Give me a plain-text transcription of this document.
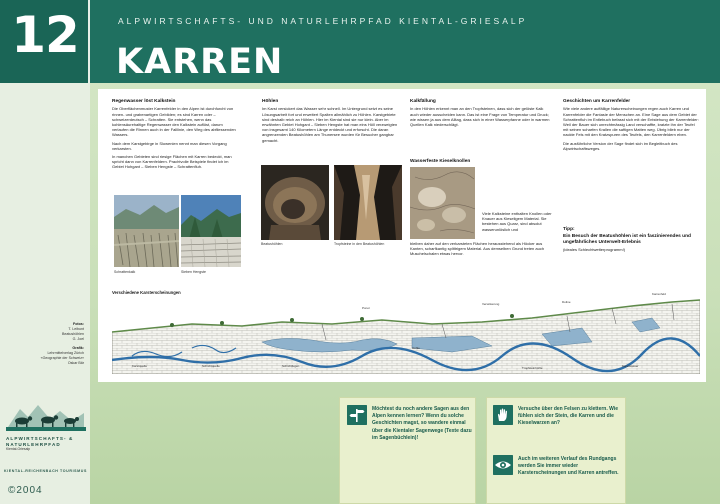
12	ALPWIRTSCHAFTS- UND NATURLEHRPFAD KIENTAL-GRIESALP
KARREN
Fotos:
T. Leibunt
Beatushöhlen
G. Joel
Grafik:
Lehrmittelverlag Zürich
«Geographie der Schweiz»
Oskar Bär
ALPWIRTSCHAFTS- &
NATURLEHRPFAD
Kiental-Griesalp
KIENTAL-REICHENBACH TOURISMUS
©2004
Regenwasser löst Kalkstein

Die Oberflächenmuster Karrenfelder in den Alpen ist durchfurcht von rinnen- und grabenartigen Gebilden; es sind Karren oder – schweizerdeutsch – Schratten. Sie entstehen, wenn das kohlensäurehaltige Regenwasser den Kalkstein auflöst, darum verlaufen die Rinnen auch in der Falllinie, den Weg des abfliessenden Wassers.

Nach dem Karstgebirge in Slowenien nennt man diesen Vorgang verkarsten.

In manchen Gebieten sind riesige Flächen mit Karren bedeckt, man spricht dann von Karrenfeldern. Prachtvolle Beispiele findet ich im Gebiet Hohgant – Sieben Hengste – Schrattenfluh.

Schrattenkalk	Sieben Hengste
Höhlen

Im Karst versickert das Wasser sehr schnell. Im Untergrund setzt es seine Lösungsarbeit fort und erweitert Spalten allmählich zu Höhlen. Karstgebiete sind deshalb reich an Höhlen. Hier im Kiental sind sie nur klein. Aber im erwähnten Gebiet Hohgant – Sieben Hengste hat man eins Höll verzweigten von insgesamt 140 Kilometern Länge entdeckt und erforscht. Die daran angrenzenden Beatushöhlen am Thunersee wurden für Besucher gangbar gemacht.

Beatushöhlen	Tropfsteine in den Beatushöhlen
Kalkfällung

In den Höhlen erkennt man an den Tropfsteinen, dass sich der gelöste Kalk auch wieder ausscheiden kann. Das ist eine Frage von Temperatur und Druck; wie wissen ja aus dem Alltag, dass sich in einer Wasserpfanne oder in warmen Quellen Kalk niederschlägt.

Wasserfeste Kieselknollen

Viele Kalksteine enthalten Knollen oder Knauer aus Kieseligem Material. Sie bestehen aus Quarz, sind absolut wasserunlöslich und

bleiben daher auf den verkarsteten Flächen herausstehend als Höcker aus Kanten, scharfkantig splittrigem Material. Aus demselben Grund treten auch Muschelschalen etwas hervor.

Geschichten um Karrenfelder

Wie viele andere auffällige Naturerscheinungen regen auch Karren und Karrenfelder die Fantasie der Menschen an. Eine Sage aus dem Gebiet der Schrattenfluh im Entlebuch befasst sich mit der Entstehung der Karrenfelder: Weil der Bauer sich unrechtmässig Land verschaffte, kratzte ihn der Teufel mit seinen scharfen Krallen die saftigen Matten weg. Übrig blieb nur der nackte Fels mit den Kratzspuren des Teufels, den Karrenfeldern eben.

Die ausführliche Version der Sage findet sich im Begleitbuch des Alpwirtschaftsweges.

Tipp:
Ein Besuch der Beatushöhlen ist ein faszinierendes und ungefährliches Unterwelt-Erlebnis

(ideales Schlechtwetterprogramm!)

Verschiedene Karsterscheinungen	Karrenfeld
Doline
Höhle
Schichtquelle
Versickerung
Tropfsteinhöhle
Ponor
Schichtfugen
Karstquelle	Karstwasser
Möchtest du noch andere Sagen aus den Alpen kennen lernen? Wenn du solche Geschichten magst, so wandere einmal über die Kientaler Sagenwege (Texte dazu im Sagenbüchlein)!
Versuche über den Felsen zu klettern. Wie fühlen sich der Stein, die Karren und die Kieselwarzen an?
Auch im weiteren Verlauf des Rundgangs werden Sie immer wieder Karsterscheinungen und Karren antreffen.
